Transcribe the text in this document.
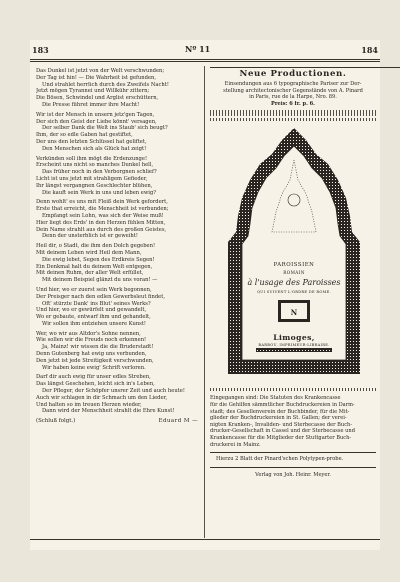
183	Nº 11	184
Das Dunkel ist jetzt von der Welt verschwunden;
Der Tag ist hin! — Die Wahrheit ist gefunden,
Und strahlet herrlich durch des Zweifels Nacht!
Jetzt mögen Tyrannei und Willkühr zittern;
Die Bösen, Schwindel und Arglist erschüttern,
Die Presse führet immer ihre Macht!
Wir ist der Mensch in unsern jetz'gen Tagen,
Der sich den Geist der Liebe könnt' versagen,
Der selber Dank die Welt ins Staub' sich beugt?
Ihm, der so edle Gaben hat gestiftet,
Der uns den letzten Schlüssel hat geliftet,
Den Menschen sich als Glück hat zeigt!
Verkünden soll ihm mögt die Erdenzunge!
Erscheint uns nicht so manches Dunkel hell,
Das früher noch in den Verborgnen schlief?
Licht ist uns jetzt mit strahligem Gefieder,
Ihr längst vergangnen Geschlechter blühen,
Die kauft sein Werk in uns und leben ewig?
Denn wohlt' es uns mit Fleiß dein Werk gefordert,
Erste that erreicht, die Menschheit ist verbunden;
Empfangt sein Lohn, was sich der Weise muß!
Hier liegt des Erds' in den Herzen fühlen Mitten,
Dein Name strahlt aus durch des großen Geistes,
Denn der unsterblich ist er geweiht!
Heil dir, o Stadt, die ihm den Dolch gegeben!
Mit deinem Leben wird Heil dem Mann,
Die ewig lebet, Segen des Erdkreis Segen!
Ein Denkmal halt du deinem Welt entgegen,
Mit deinen Ruhm, der aller Welt erfüllet,
Mit deinem Beispiel glänzt du uns voran! —
Und hier, wo er zuerst sein Werk begonnen,
Der Preisger nach den edlen Gewerbsleut findet,
Oft' stürzte Dank' ins Blut' seines Werks?
Und hier, wo er gewürfelt und gewandelt,
Wo er gebaute, entwarf ihm und gehandelt,
Wir sollen ihm entziehen unsere Kunst!
Wer, wo wir aus Altdor's Sohne nennen,
Wie sollen wir die Freuds noch erkennen!
Ja, Mainz! wir wissen die die Bruderstadt!
Denn Gutenberg hat ewig uns verbunden,
Den jetzt ist jede Streitigkeit verschwunden,
Wir haben keine ewig' Schrift verloren.
Darf dir auch ewig für unser edles Streben,
Das längst Geschehen, leicht sich in's Leben,
Der Pfleger, der Schöpfer unsrer Zeit und auch heute!
Auch wir schlagen in dir Schmach um den Lieder,
Und halten so im treuen Herzen wieder,
Dann wird der Menschheit strahlt die Ehre Kunst!
(Schluß folgt.)	Eduard M —
Neue Productionen.
Einsendungen aus 6 typographische Pariser zur Der-
stellung architectonischer Gegenstände von A. Pinard
in Paris, rue de la Harpe, Nro. 89.
Preis: 6 fr. p. 6.
PAROISSIEN
ROMAIN
à l'usage des Paroisses
QUI SUIVENT L'ORDRE DE ROME.
N
Limoges,
BARBOU, IMPRIMEUR-LIBRAIRE.
Eingegangen sind: Die Statuten des Krankencasse
für die Gehilfen sämmtlicher Buchdruckereien in Darm-
stadt; des Gesellenverein der Buchbinder, für die Mit-
glieder der Buchdruckereien in St. Gallen; der verei-
nigten Kranken-, Invaliden- und Sterbecasse der Buch-
drucker-Gesellschaft in Cassel und der Sterbecasse und
Krankencasse für die Mitglieder der Stuttgarter Buch-
druckerei in Mainz.
Hierzu 2 Blatt der Pinard'schen Polytypen-probe.
Verlag von Joh. Heinr. Meyer.
